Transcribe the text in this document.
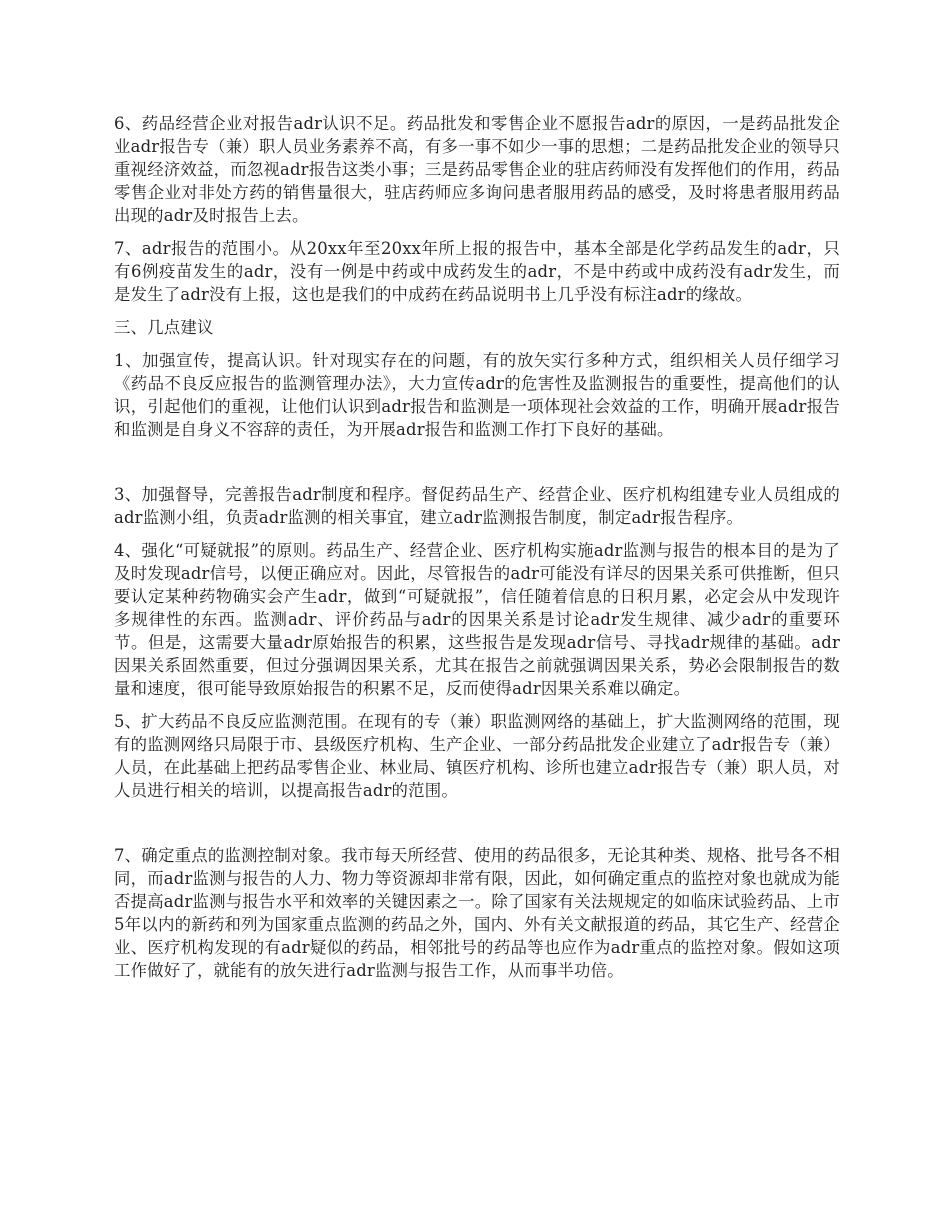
6、药品经营企业对报告adr认识不足。药品批发和零售企业不愿报告adr的原因，一是药品批发企业adr报告专（兼）职人员业务素养不高，有多一事不如少一事的思想；二是药品批发企业的领导只重视经济效益，而忽视adr报告这类小事；三是药品零售企业的驻店药师没有发挥他们的作用，药品零售企业对非处方药的销售量很大，驻店药师应多询问患者服用药品的感受，及时将患者服用药品出现的adr及时报告上去。

7、adr报告的范围小。从20xx年至20xx年所上报的报告中，基本全部是化学药品发生的adr，只有6例疫苗发生的adr，没有一例是中药或中成药发生的adr，不是中药或中成药没有adr发生，而是发生了adr没有上报，这也是我们的中成药在药品说明书上几乎没有标注adr的缘故。

三、几点建议

1、加强宣传，提高认识。针对现实存在的问题，有的放矢实行多种方式，组织相关人员仔细学习《药品不良反应报告的监测管理办法》，大力宣传adr的危害性及监测报告的重要性，提高他们的认识，引起他们的重视，让他们认识到adr报告和监测是一项体现社会效益的工作，明确开展adr报告和监测是自身义不容辞的责任，为开展adr报告和监测工作打下良好的基础。

3、加强督导，完善报告adr制度和程序。督促药品生产、经营企业、医疗机构组建专业人员组成的adr监测小组，负责adr监测的相关事宜，建立adr监测报告制度，制定adr报告程序。

4、强化“可疑就报”的原则。药品生产、经营企业、医疗机构实施adr监测与报告的根本目的是为了及时发现adr信号，以便正确应对。因此，尽管报告的adr可能没有详尽的因果关系可供推断，但只要认定某种药物确实会产生adr，做到“可疑就报”，信任随着信息的日积月累，必定会从中发现许多规律性的东西。监测adr、评价药品与adr的因果关系是讨论adr发生规律、减少adr的重要环节。但是，这需要大量adr原始报告的积累，这些报告是发现adr信号、寻找adr规律的基础。adr因果关系固然重要，但过分强调因果关系，尤其在报告之前就强调因果关系，势必会限制报告的数量和速度，很可能导致原始报告的积累不足，反而使得adr因果关系难以确定。

5、扩大药品不良反应监测范围。在现有的专（兼）职监测网络的基础上，扩大监测网络的范围，现有的监测网络只局限于市、县级医疗机构、生产企业、一部分药品批发企业建立了adr报告专（兼）人员，在此基础上把药品零售企业、林业局、镇医疗机构、诊所也建立adr报告专（兼）职人员，对人员进行相关的培训，以提高报告adr的范围。

7、确定重点的监测控制对象。我市每天所经营、使用的药品很多，无论其种类、规格、批号各不相同，而adr监测与报告的人力、物力等资源却非常有限，因此，如何确定重点的监控对象也就成为能否提高adr监测与报告水平和效率的关键因素之一。除了国家有关法规规定的如临床试验药品、上市5年以内的新药和列为国家重点监测的药品之外，国内、外有关文献报道的药品，其它生产、经营企业、医疗机构发现的有adr疑似的药品，相邻批号的药品等也应作为adr重点的监控对象。假如这项工作做好了，就能有的放矢进行adr监测与报告工作，从而事半功倍。
